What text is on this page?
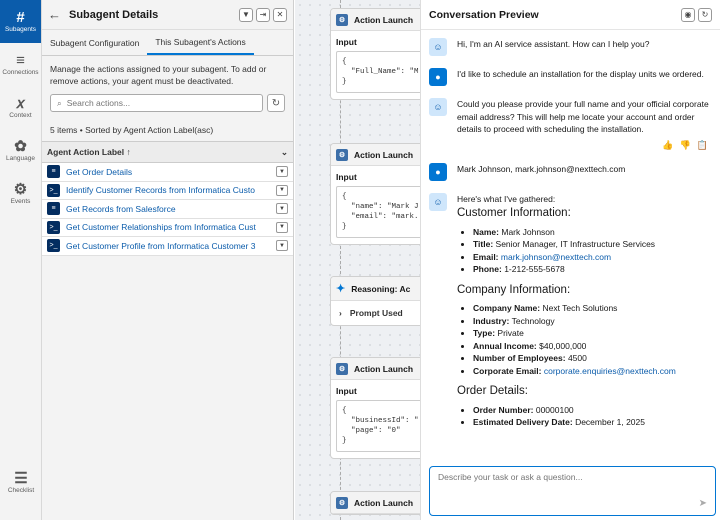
#
Subagents
≡
Connections
𝑥
Context
✿
Language
⚙
Events
☰
Checklist
← Subagent Details	▼	⇥	✕
Subagent Configuration	This Subagent's Actions
Manage the actions assigned to your subagent. To add or remove actions, your agent must be deactivated.
⌕
Search actions...	↻
5 items • Sorted by Agent Action Label(asc)
Agent Action Label ↑	⌄
≡	Get Order Details	▼
>_ Identify Customer Records from Informatica Custo	▼
≡	Get Records from Salesforce	▼
>_ Get Customer Relationships from Informatica Cust	▼
>_ Get Customer Profile from Informatica Customer 3	▼
⚙	Action Launch
Input
{
"Full_Name": "M
}
⚙	Action Launch
Input
{
"name": "Mark J
"email": "mark.
}
✦ Reasoning: Ac
› Prompt Used
⚙	Action Launch
Input
{
"businessId": "
"page": "0"
}
⚙	Action Launch
Conversation Preview	◉	↻
☺	Hi, I'm an AI service assistant. How can I help you?
●	I'd like to schedule an installation for the display units we ordered.
☺	Could you please provide your full name and your official corporate email address? This will help me locate your account and order details to proceed with scheduling the installation.
👍 👎 📋
●	Mark Johnson, mark.johnson@nexttech.com
☺	Here's what I've gathered:
Customer Information:
• Name: Mark Johnson
• Title: Senior Manager, IT Infrastructure Services
• Email: mark.johnson@nexttech.com
• Phone: 1-212-555-5678
Company Information:
• Company Name: Next Tech Solutions
• Industry: Technology
• Type: Private
• Annual Income: $40,000,000
• Number of Employees: 4500
• Corporate Email: corporate.enquiries@nexttech.com
Order Details:
• Order Number: 00000100
• Estimated Delivery Date: December 1, 2025
Describe your task or ask a question...
➤
